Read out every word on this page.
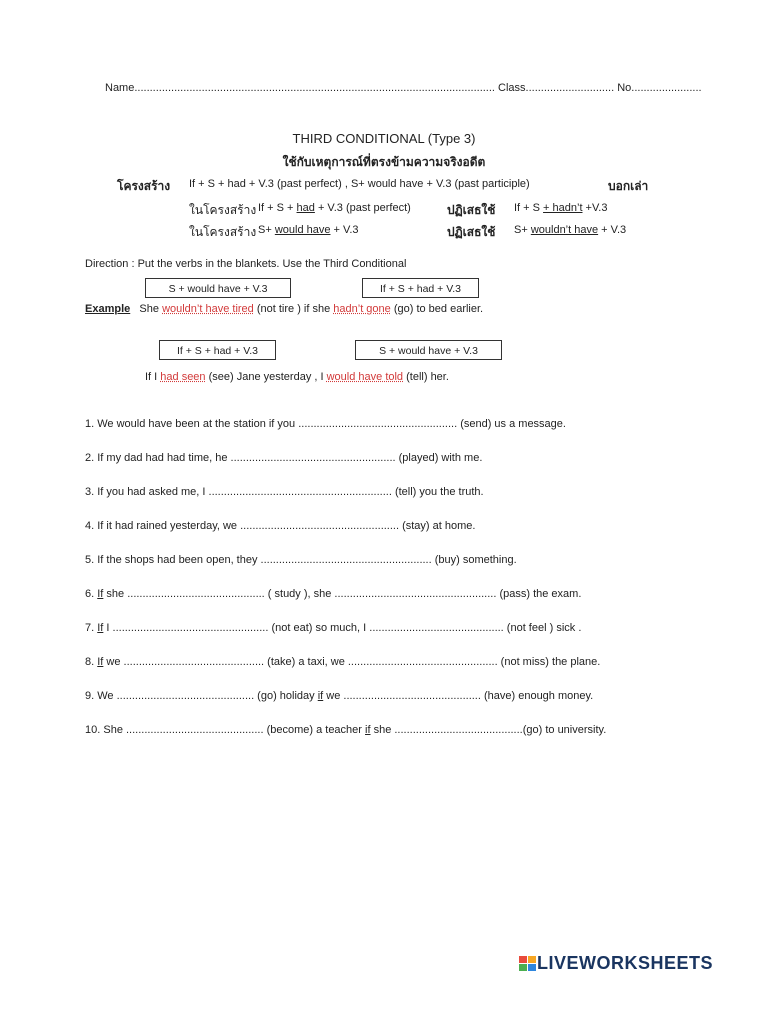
Name...................................................................................................................... Class............................. No.......................
THIRD CONDITIONAL (Type 3)
ใช้กับเหตุการณ์ที่ตรงข้ามความจริงอดีต
โครงสร้าง If + S + had + V.3 (past perfect) , S+ would have + V.3 (past participle)	บอกเล่า
ในโครงสร้าง If + S + had + V.3 (past perfect)	ปฏิเสธใช้ If + S + hadn’t +V.3
ในโครงสร้าง S+ would have + V.3	ปฏิเสธใช้ S+ wouldn’t have + V.3
Direction : Put the verbs in the blankets. Use the Third Conditional
S + would have + V.3	If + S + had + V.3
Example She wouldn’t have tired (not tire ) if she hadn’t gone (go) to bed earlier.
If + S + had + V.3	S + would have + V.3
If I had seen (see) Jane yesterday , I would have told (tell) her.
1. We would have been at the station if you .................................................... (send) us a message.
2. If my dad had had time, he ...................................................... (played) with me.
3. If you had asked me, I ............................................................ (tell) you the truth.
4. If it had rained yesterday, we .................................................... (stay) at home.
5. If the shops had been open, they ........................................................ (buy) something.
6. If she ............................................. ( study ), she ..................................................... (pass) the exam.
7. If I ................................................... (not eat) so much, I ............................................ (not feel ) sick .
8. If we .............................................. (take) a taxi, we ................................................. (not miss) the plane.
9. We ............................................. (go) holiday if we ............................................. (have) enough money.
10. She ............................................. (become) a teacher if she ..........................................(go) to university.
LIVEWORKSHEETS
